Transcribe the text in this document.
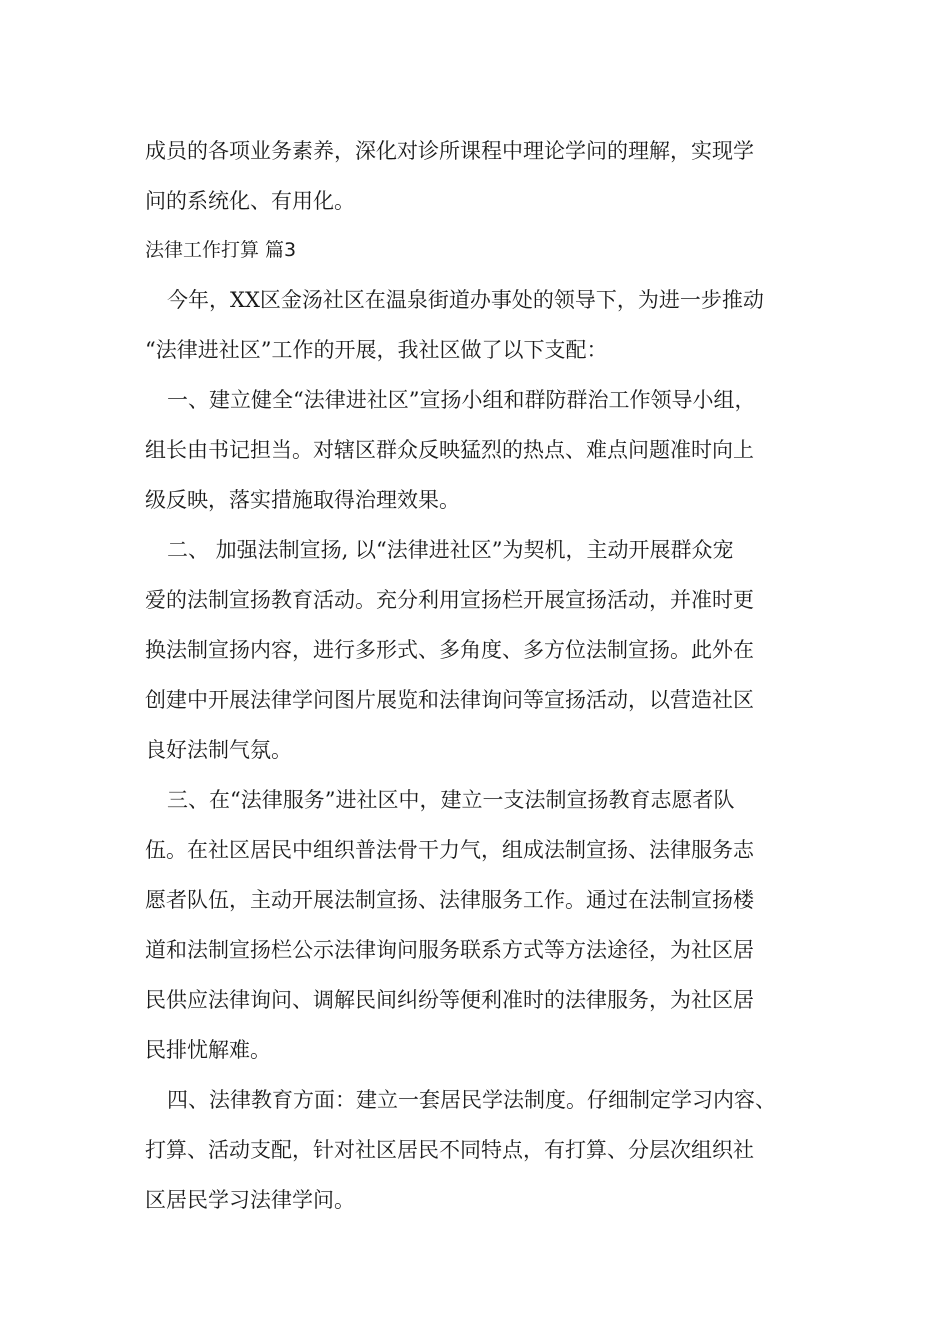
成员的各项业务素养，深化对诊所课程中理论学问的理解，实现学
问的系统化、有用化。
法律工作打算 篇3
今年，XX区金汤社区在温泉街道办事处的领导下，为进一步推动
“法律进社区”工作的开展，我社区做了以下支配：
一、建立健全“法律进社区”宣扬小组和群防群治工作领导小组，
组长由书记担当。对辖区群众反映猛烈的热点、难点问题准时向上
级反映，落实措施取得治理效果。
二、 加强法制宣扬, 以“法律进社区”为契机，主动开展群众宠
爱的法制宣扬教育活动。充分利用宣扬栏开展宣扬活动，并准时更
换法制宣扬内容，进行多形式、多角度、多方位法制宣扬。此外在
创建中开展法律学问图片展览和法律询问等宣扬活动，以营造社区
良好法制气氛。
三、在“法律服务”进社区中，建立一支法制宣扬教育志愿者队
伍。在社区居民中组织普法骨干力气，组成法制宣扬、法律服务志
愿者队伍，主动开展法制宣扬、法律服务工作。通过在法制宣扬楼
道和法制宣扬栏公示法律询问服务联系方式等方法途径，为社区居
民供应法律询问、调解民间纠纷等便利准时的法律服务，为社区居
民排忧解难。
四、法律教育方面：建立一套居民学法制度。仔细制定学习内容、
打算、活动支配，针对社区居民不同特点，有打算、分层次组织社
区居民学习法律学问。
